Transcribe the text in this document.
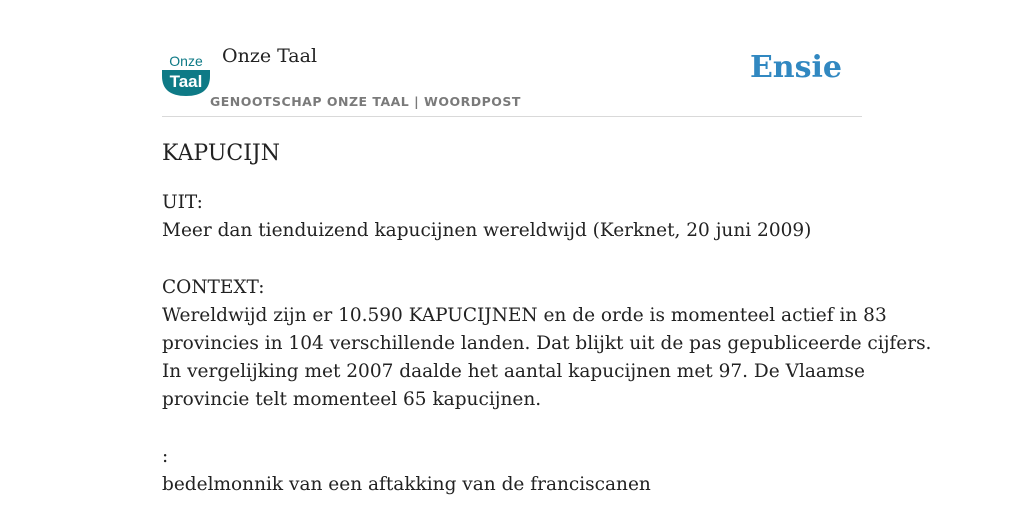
Onze
Taal
Onze Taal
GENOOTSCHAP ONZE TAAL | WOORDPOST
Ensie
KAPUCIJN
UIT:
Meer dan tienduizend kapucijnen wereldwijd (Kerknet, 20 juni 2009)
CONTEXT:
Wereldwijd zijn er 10.590 KAPUCIJNEN en de orde is momenteel actief in 83
provincies in 104 verschillende landen. Dat blijkt uit de pas gepubliceerde cijfers.
In vergelijking met 2007 daalde het aantal kapucijnen met 97. De Vlaamse
provincie telt momenteel 65 kapucijnen.
:
bedelmonnik van een aftakking van de franciscanen
